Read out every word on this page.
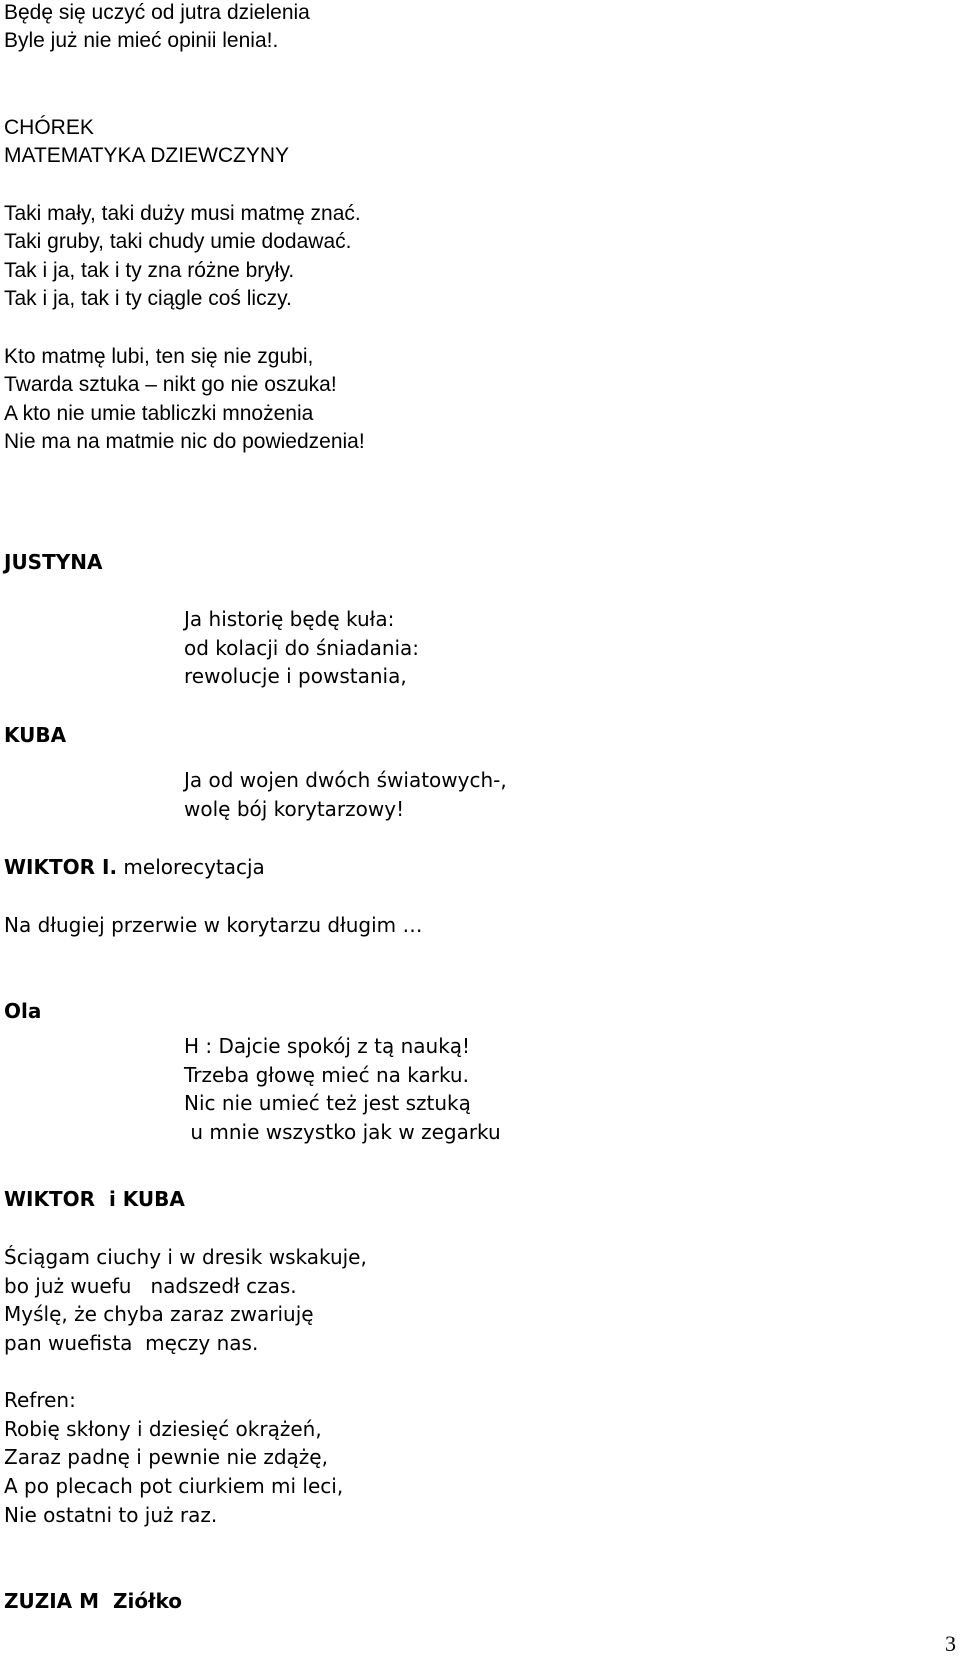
Będę się uczyć od jutra dzielenia
Byle już nie mieć opinii lenia!.
CHÓREK
MATEMATYKA DZIEWCZYNY
Taki mały, taki duży musi matmę znać.
Taki gruby, taki chudy umie dodawać.
Tak i ja, tak i ty zna różne bryły.
Tak i ja, tak i ty ciągle coś liczy.
Kto matmę lubi, ten się nie zgubi,
Twarda sztuka – nikt go nie oszuka!
A kto nie umie tabliczki mnożenia
Nie ma na matmie nic do powiedzenia!
JUSTYNA
Ja historię będę kuła:
od kolacji do śniadania:
rewolucje i powstania,
KUBA
Ja od wojen dwóch światowych-,
wolę bój korytarzowy!
WIKTOR I. melorecytacja
Na długiej przerwie w korytarzu długim …
Ola
H : Dajcie spokój z tą nauką!
Trzeba głowę mieć na karku.
Nic nie umieć też jest sztuką
u mnie wszystko jak w zegarku
WIKTOR  i KUBA
Ściągam ciuchy i w dresik wskakuje,
bo już wuefu   nadszedł czas.
Myślę, że chyba zaraz zwariuję
pan wuefista  męczy nas.
Refren:
Robię skłony i dziesięć okrążeń,
Zaraz padnę i pewnie nie zdążę,
A po plecach pot ciurkiem mi leci,
Nie ostatni to już raz.
ZUZIA M  Ziółko
3
